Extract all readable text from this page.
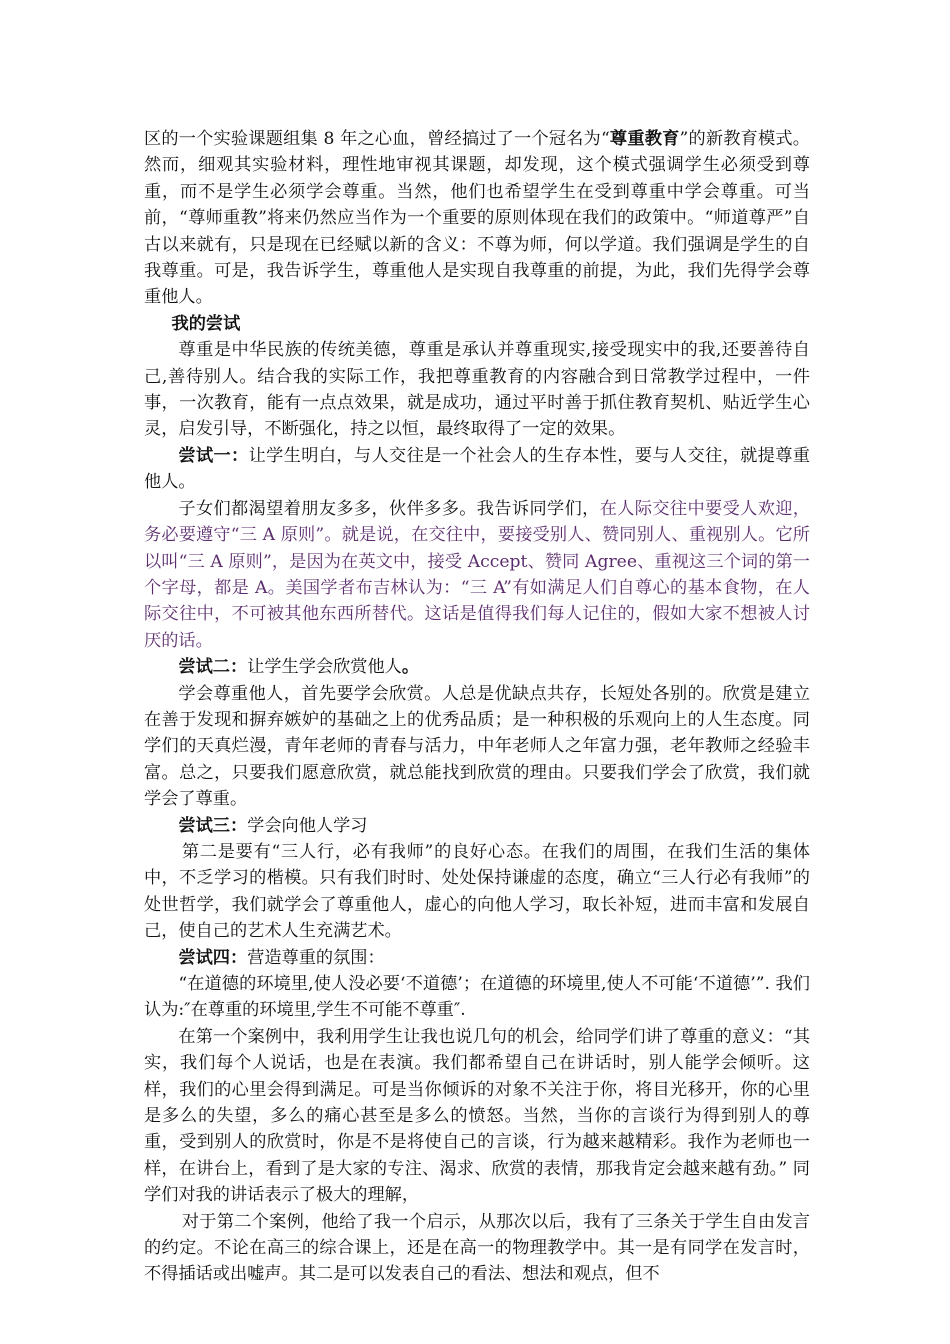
区的一个实验课题组集 8 年之心血，曾经搞过了一个冠名为“尊重教育”的新教育模式。然而，细观其实验材料，理性地审视其课题，却发现，这个模式强调学生必须受到尊重，而不是学生必须学会尊重。当然，他们也希望学生在受到尊重中学会尊重。可当前，“尊师重教”将来仍然应当作为一个重要的原则体现在我们的政策中。“师道尊严”自古以来就有，只是现在已经赋以新的含义：不尊为师，何以学道。我们强调是学生的自我尊重。可是，我告诉学生，尊重他人是实现自我尊重的前提，为此，我们先得学会尊重他人。

我的尝试

尊重是中华民族的传统美德，尊重是承认并尊重现实,接受现实中的我,还要善待自己,善待别人。结合我的实际工作，我把尊重教育的内容融合到日常教学过程中，一件事，一次教育，能有一点点效果，就是成功，通过平时善于抓住教育契机、贴近学生心灵，启发引导，不断强化，持之以恒，最终取得了一定的效果。

尝试一：让学生明白，与人交往是一个社会人的生存本性，要与人交往，就提尊重他人。

子女们都渴望着朋友多多，伙伴多多。我告诉同学们，在人际交往中要受人欢迎，务必要遵守“三 A 原则”。就是说，在交往中，要接受别人、赞同别人、重视别人。它所以叫“三 A 原则”，是因为在英文中，接受 Accept、赞同 Agree、重视这三个词的第一个字母，都是 A。美国学者布吉林认为：“三 A”有如满足人们自尊心的基本食物，在人际交往中，不可被其他东西所替代。这话是值得我们每人记住的，假如大家不想被人讨厌的话。

尝试二：让学生学会欣赏他人。

学会尊重他人，首先要学会欣赏。人总是优缺点共存，长短处各别的。欣赏是建立在善于发现和摒弃嫉妒的基础之上的优秀品质；是一种积极的乐观向上的人生态度。同学们的天真烂漫，青年老师的青春与活力，中年老师人之年富力强，老年教师之经验丰富。总之，只要我们愿意欣赏，就总能找到欣赏的理由。只要我们学会了欣赏，我们就学会了尊重。

尝试三：学会向他人学习

第二是要有“三人行，必有我师”的良好心态。在我们的周围，在我们生活的集体中，不乏学习的楷模。只有我们时时、处处保持谦虚的态度，确立“三人行必有我师”的处世哲学，我们就学会了尊重他人，虚心的向他人学习，取长补短，进而丰富和发展自己，使自己的艺术人生充满艺术。

尝试四：营造尊重的氛围：

“在道德的环境里,使人没必要‘不道德’；在道德的环境里,使人不可能‘不道德’”. 我们认为:″在尊重的环境里,学生不可能不尊重″.

在第一个案例中，我利用学生让我也说几句的机会，给同学们讲了尊重的意义：“其实，我们每个人说话，也是在表演。我们都希望自己在讲话时，别人能学会倾听。这样，我们的心里会得到满足。可是当你倾诉的对象不关注于你，将目光移开，你的心里是多么的失望，多么的痛心甚至是多么的愤怒。当然，当你的言谈行为得到别人的尊重，受到别人的欣赏时，你是不是将使自己的言谈，行为越来越精彩。我作为老师也一样，在讲台上，看到了是大家的专注、渴求、欣赏的表情，那我肯定会越来越有劲。” 同学们对我的讲话表示了极大的理解，

对于第二个案例，他给了我一个启示，从那次以后，我有了三条关于学生自由发言的约定。不论在高三的综合课上，还是在高一的物理教学中。其一是有同学在发言时，不得插话或出嘘声。其二是可以发表自己的看法、想法和观点，但不
